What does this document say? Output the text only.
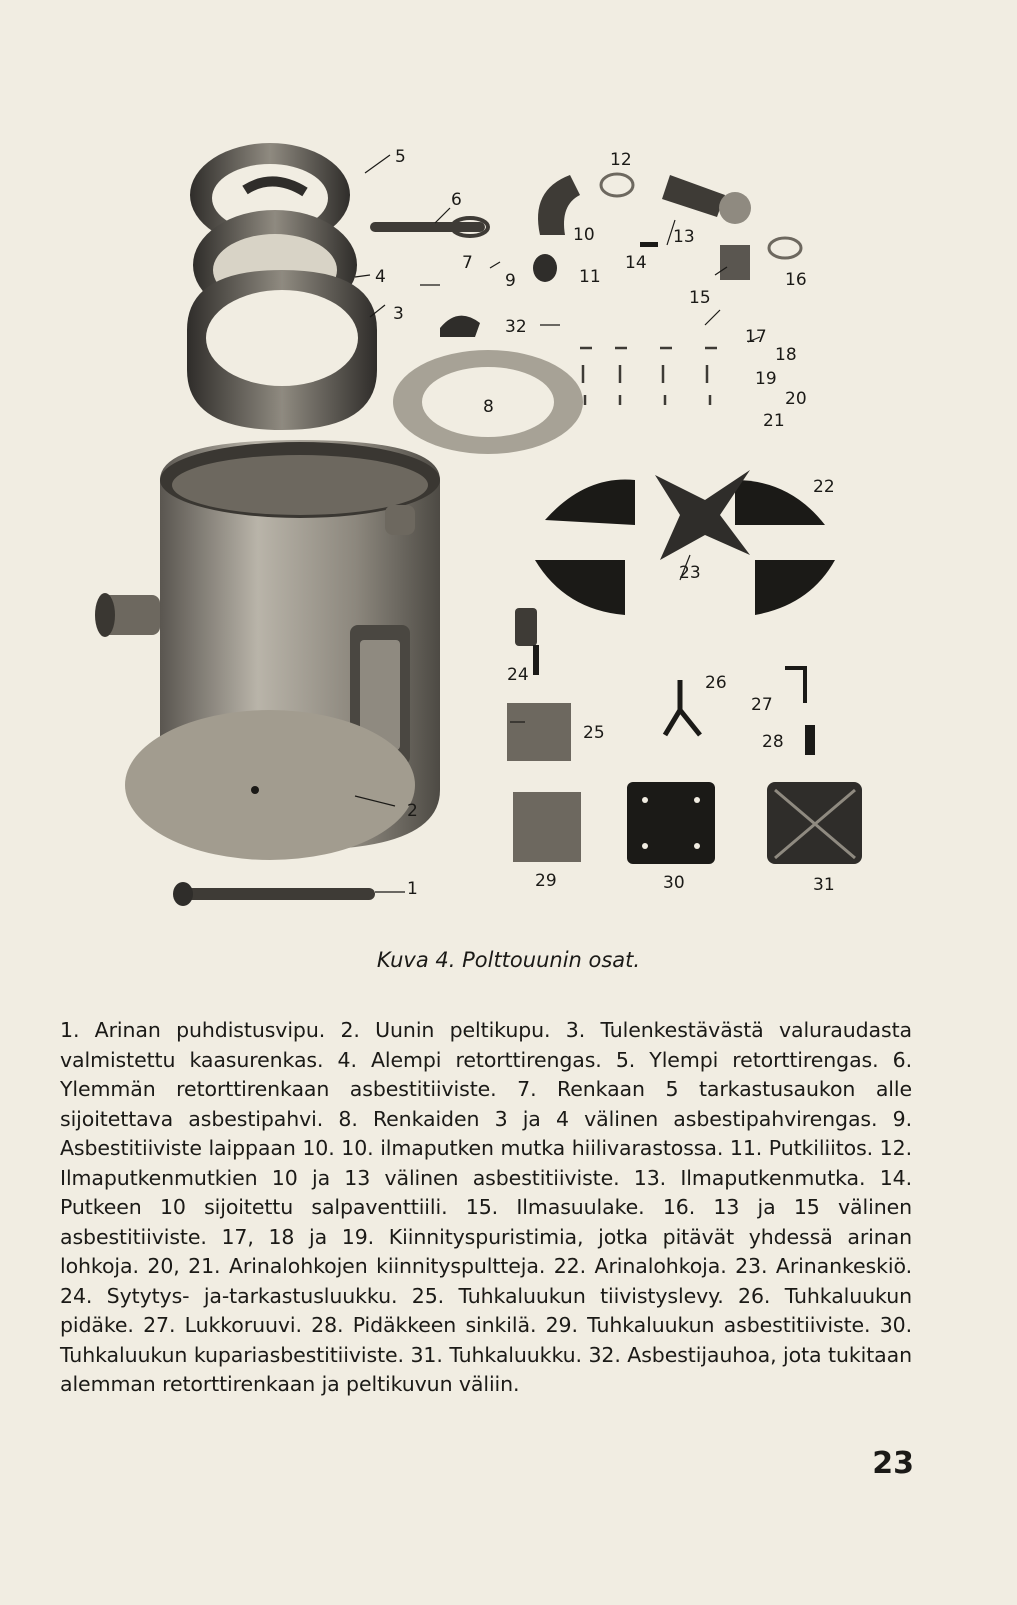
1
2
3
4
5
6
7
8
9
10
11
12
13
14
15
16
17
18
19
20
21
22
23
24
25
26
27
28
29	30	31
32
Kuva 4. Polttouunin osat.
1. Arinan puhdistusvipu. 2. Uunin peltikupu. 3. Tulenkestävästä valuraudasta valmistettu kaasurenkas. 4. Alempi retorttirengas. 5. Ylempi retorttirengas. 6. Ylemmän retorttirenkaan asbestitiiviste. 7. Renkaan 5 tarkastusaukon alle sijoitettava asbestipahvi. 8. Renkaiden 3 ja 4 välinen asbestipahvirengas. 9. Asbestitiiviste laippaan 10. 10. ilmaputken mutka hiilivarastossa. 11. Putkiliitos. 12. Ilmaputkenmutkien 10 ja 13 välinen asbestitiiviste. 13. Ilmaputkenmutka. 14. Putkeen 10 sijoitettu salpaventtiili. 15. Ilmasuulake. 16. 13 ja 15 välinen asbestitiiviste. 17, 18 ja 19. Kiinnityspuristimia, jotka pitävät yhdessä arinan lohkoja. 20, 21. Arinalohkojen kiinnityspultteja. 22. Arinalohkoja. 23. Arinankeskiö. 24. Sytytys- ja-tarkastusluukku. 25. Tuhkaluukun tiivistyslevy. 26. Tuhkaluukun pidäke. 27. Lukkoruuvi. 28. Pidäkkeen sinkilä. 29. Tuhkaluukun asbestitiiviste. 30. Tuhkaluukun kupariasbestitiiviste. 31. Tuhkaluukku. 32. Asbestijauhoa, jota tukitaan alemman retorttirenkaan ja peltikuvun väliin.
23
